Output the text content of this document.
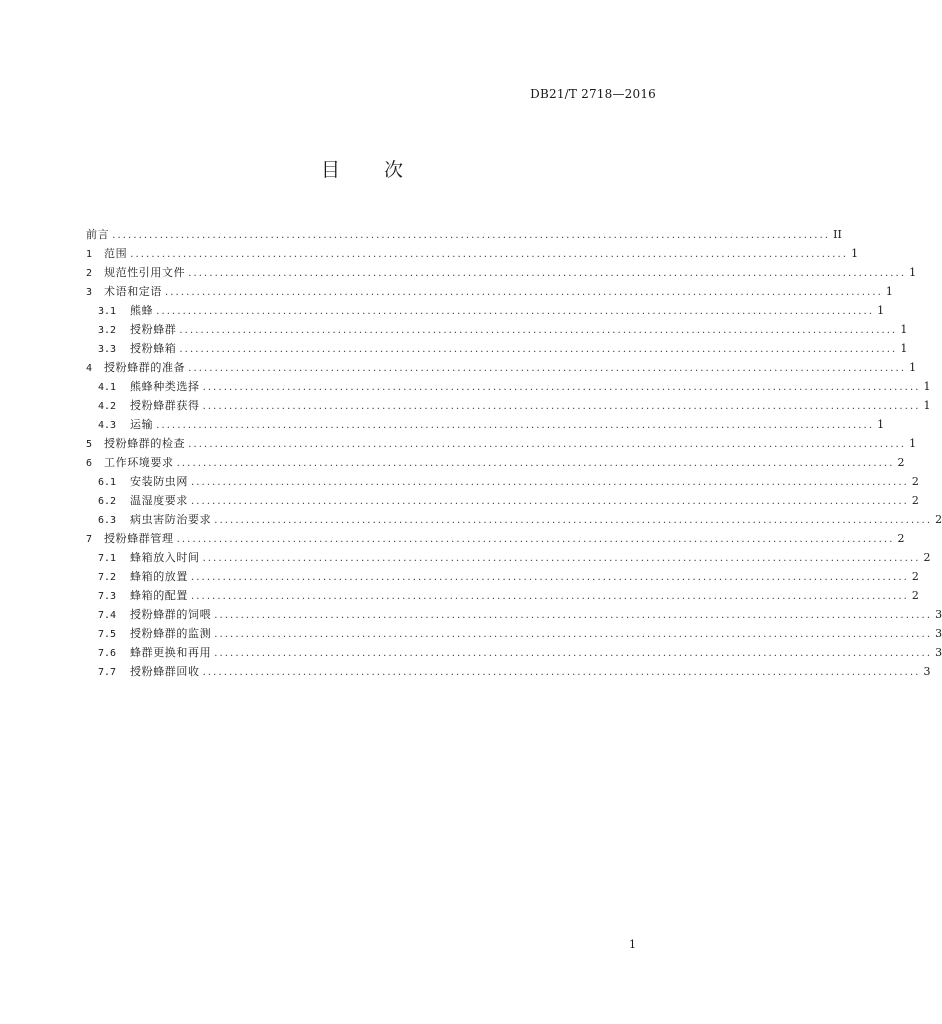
DB21/T 2718—2016
目 次
前言 ........................................................................................................................................ II
1	范围 ........................................................................................................................................ 1
2	规范性引用文件 ........................................................................................................................................ 1
3	术语和定语 ........................................................................................................................................ 1
3.1	熊蜂 ........................................................................................................................................ 1
3.2	授粉蜂群 ........................................................................................................................................ 1
3.3	授粉蜂箱 ........................................................................................................................................ 1
4	授粉蜂群的准备 ........................................................................................................................................ 1
4.1	熊蜂种类选择 ........................................................................................................................................ 1
4.2	授粉蜂群获得 ........................................................................................................................................ 1
4.3	运输 ........................................................................................................................................ 1
5	授粉蜂群的检查 ........................................................................................................................................ 1
6	工作环境要求 ........................................................................................................................................ 2
6.1	安装防虫网 ........................................................................................................................................ 2
6.2	温湿度要求 ........................................................................................................................................ 2
6.3	病虫害防治要求 ........................................................................................................................................ 2
7	授粉蜂群管理 ........................................................................................................................................ 2
7.1	蜂箱放入时间 ........................................................................................................................................ 2
7.2	蜂箱的放置 ........................................................................................................................................ 2
7.3	蜂箱的配置 ........................................................................................................................................ 2
7.4	授粉蜂群的饲喂 ........................................................................................................................................ 3
7.5	授粉蜂群的监测 ........................................................................................................................................ 3
7.6	蜂群更换和再用 ........................................................................................................................................ 3
7.7	授粉蜂群回收 ........................................................................................................................................ 3
1
